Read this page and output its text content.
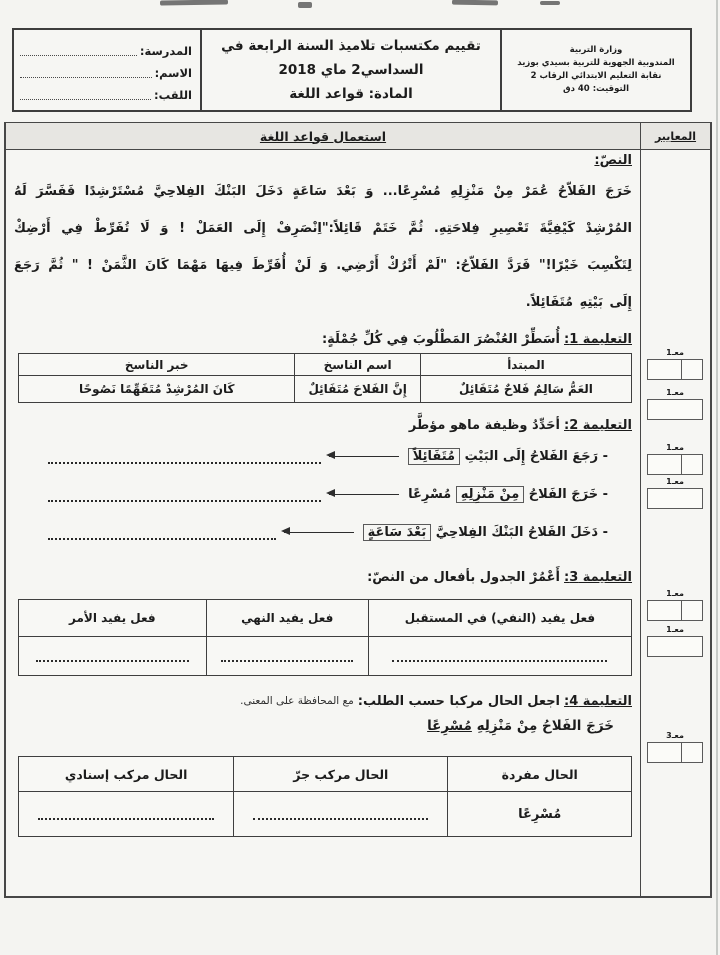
وزارة التربية
المندوبية الجهوية للتربية بسيدي بوزيد
نقابة التعليم الابتدائي الرقاب 2
التوقيت: 40 دق
تقييم مكتسبات تلاميذ السنة الرابعة في
السداسي2 ماي 2018
المادة: قواعد اللغة
المدرسة:
الاسم:
اللقب:
المعايير
معـ1
معـ1
معـ1
معـ1
معـ1
معـ1
معـ3
استعمال قواعد اللغة
النصّ:
خَرَجَ الفَلاّحُ عُمَرْ مِنْ مَنْزِلِهِ مُسْرِعًا... وَ بَعْدَ سَاعَةٍ دَخَلَ البَنْكَ الفِلاحِيَّ مُسْتَرْشِدًا فَفَسَّرَ لَهُ
المُرْشِدْ كَيْفِيَّةَ تَعْصِيرِ فِلاحَتِهِ. ثُمَّ خَتَمْ قَائِلاً:"اِنْصَرِفْ إِلَى العَمَلْ ! وَ لَا تُفَرِّطْ فِي أَرْضِكْ
لِتَكْسِبَ خَيْرًا!" فَرَدَّ الفَلاّحُ: "لَمْ أَتْرُكْ أَرْضِي. وَ لَنْ أُفَرِّطَ فِيهَا مَهْمَا كَانَ الثَّمَنْ ! " ثُمَّ رَجَعَ
إِلَى بَيْتِهِ مُتَفَائِلاً.
التعليمة 1:
أُسَطِّرْ العُنْصُرَ المَطْلُوبَ فِي كُلِّ جُمْلَةٍ:
المبتدأ
اسم الناسخ
خبر الناسخ
العَمُّ سَالِمٌ فَلاحٌ مُتَفَائِلٌ
إِنَّ الفَلاحَ مُتَفَائِلٌ
كَانَ المُرْشِدْ مُتَفَهِّمًا نَصُوحًا
التعليمة 2:
أحَدِّدُ وظيفة ماهو مؤطَّر
- رَجَعَ الفَلاحُ إِلَى البَيْتِ مُتَفَائِلاً
- خَرَجَ الفَلاحُ مِنْ مَنْزِلِهِ مُسْرِعًا
- دَخَلَ الفَلاحُ البَنْكَ الفِلاحِيَّ بَعْدَ سَاعَةٍ
التعليمة 3:
أَعْمُرْ الجدول بأفعال من النصّ:
فعل يفيد (النفي) في المستقبل
فعل يفيد النهي
فعل يفيد الأمر
التعليمة 4:
اجعل الحال مركبا حسب الطلب:
مع المحافظة على المعنى.
خَرَجَ الفَلاحُ مِنْ مَنْزِلِهِ مُسْرِعًا
الحال مفردة
الحال مركب جرّ
الحال مركب إسنادي
مُسْرِعًا
